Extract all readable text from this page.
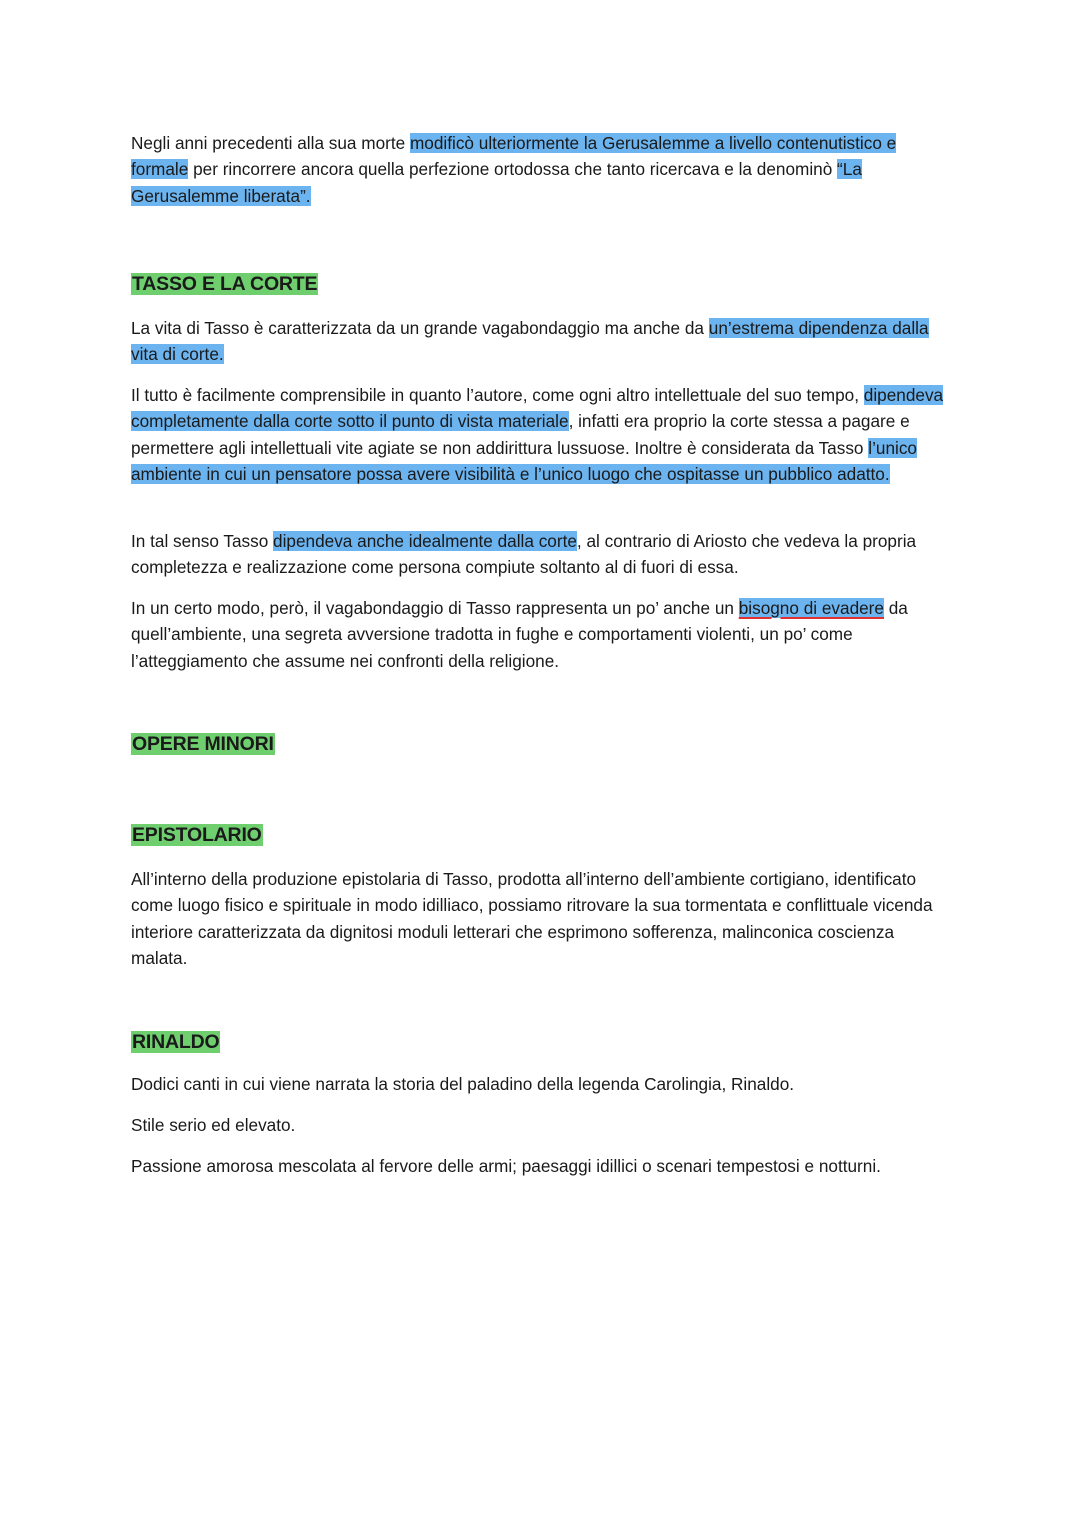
Negli anni precedenti alla sua morte modificò ulteriormente la Gerusalemme a livello contenutistico e formale per rincorrere ancora quella perfezione ortodossa che tanto ricercava e la denominò “La Gerusalemme liberata”.

TASSO E LA CORTE

La vita di Tasso è caratterizzata da un grande vagabondaggio ma anche da un’estrema dipendenza dalla vita di corte.

Il tutto è facilmente comprensibile in quanto l’autore, come ogni altro intellettuale del suo tempo, dipendeva completamente dalla corte sotto il punto di vista materiale, infatti era proprio la corte stessa a pagare e permettere agli intellettuali vite agiate se non addirittura lussuose. Inoltre è considerata da Tasso l’unico ambiente in cui un pensatore possa avere visibilità e l’unico luogo che ospitasse un pubblico adatto.

In tal senso Tasso dipendeva anche idealmente dalla corte, al contrario di Ariosto che vedeva la propria completezza e realizzazione come persona compiute soltanto al di fuori di essa.

In un certo modo, però, il vagabondaggio di Tasso rappresenta un po’ anche un bisogno di evadere da quell’ambiente, una segreta avversione tradotta in fughe e comportamenti violenti, un po’ come l’atteggiamento che assume nei confronti della religione.

OPERE MINORI
EPISTOLARIO

All’interno della produzione epistolaria di Tasso, prodotta all’interno dell’ambiente cortigiano, identificato come luogo fisico e spirituale in modo idilliaco, possiamo ritrovare la sua tormentata e conflittuale vicenda interiore caratterizzata da dignitosi moduli letterari che esprimono sofferenza, malinconica coscienza malata.

RINALDO

Dodici canti in cui viene narrata la storia del paladino della legenda Carolingia, Rinaldo.

Stile serio ed elevato.

Passione amorosa mescolata al fervore delle armi; paesaggi idillici o scenari tempestosi e notturni.
